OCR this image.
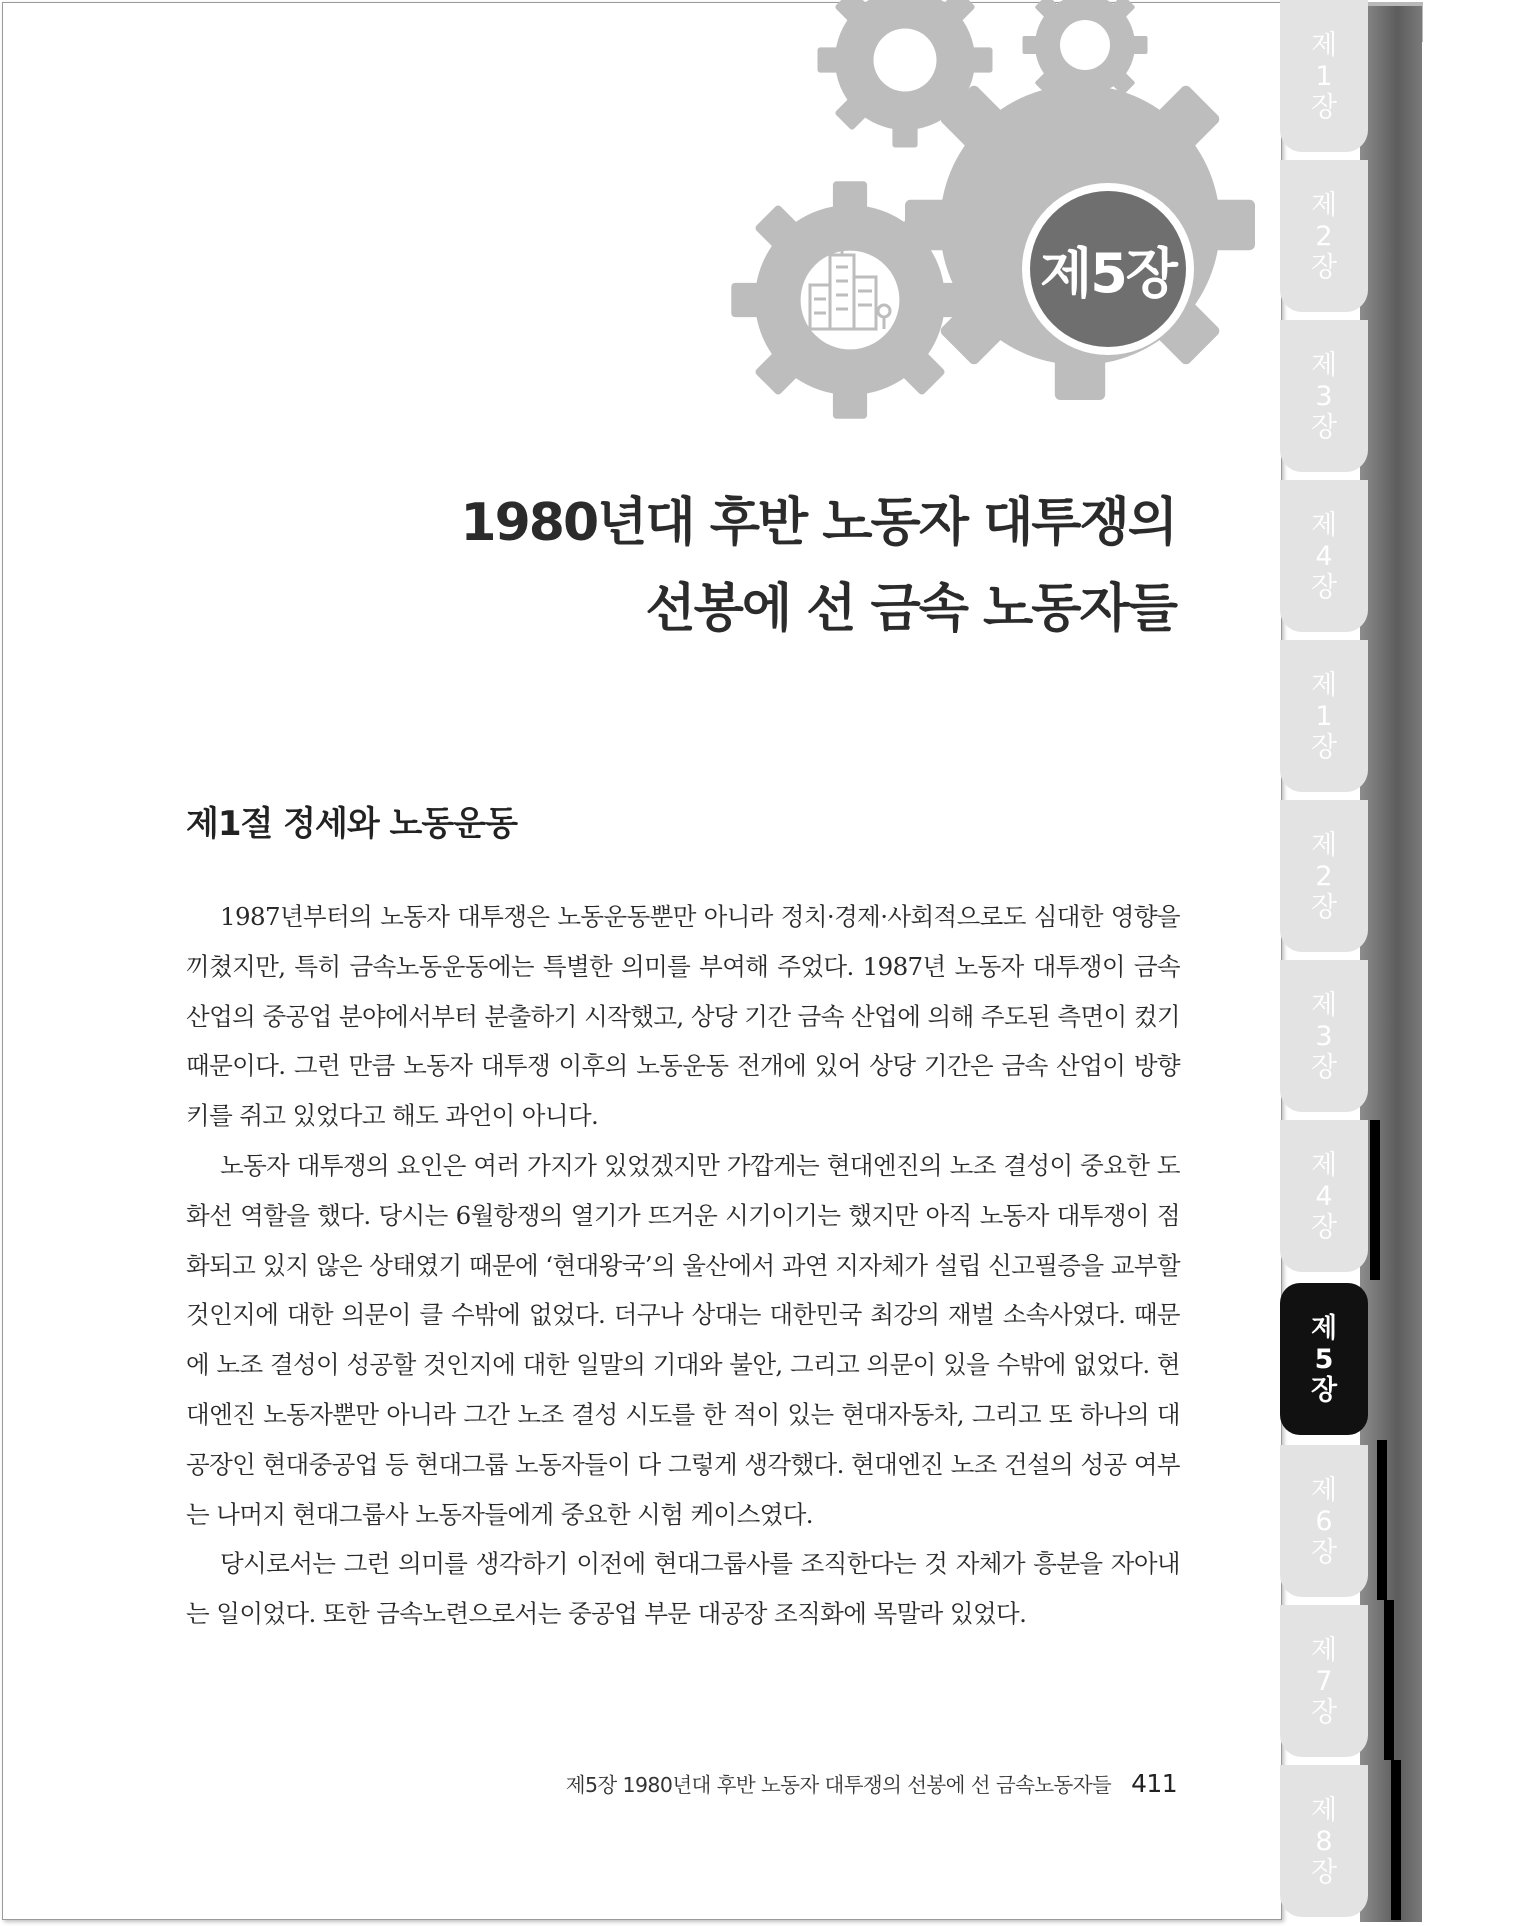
제5장
1980년대 후반 노동자 대투쟁의
선봉에 선 금속 노동자들
제1절 정세와 노동운동

1987년부터의 노동자 대투쟁은 노동운동뿐만 아니라 정치·경제·사회적으로도 심대한 영향을 끼쳤지만, 특히 금속노동운동에는 특별한 의미를 부여해 주었다. 1987년 노동자 대투쟁이 금속 산업의 중공업 분야에서부터 분출하기 시작했고, 상당 기간 금속 산업에 의해 주도된 측면이 컸기 때문이다. 그런 만큼 노동자 대투쟁 이후의 노동운동 전개에 있어 상당 기간은 금속 산업이 방향키를 쥐고 있었다고 해도 과언이 아니다.

노동자 대투쟁의 요인은 여러 가지가 있었겠지만 가깝게는 현대엔진의 노조 결성이 중요한 도화선 역할을 했다. 당시는 6월항쟁의 열기가 뜨거운 시기이기는 했지만 아직 노동자 대투쟁이 점화되고 있지 않은 상태였기 때문에 ‘현대왕국’의 울산에서 과연 지자체가 설립 신고필증을 교부할 것인지에 대한 의문이 클 수밖에 없었다. 더구나 상대는 대한민국 최강의 재벌 소속사였다. 때문에 노조 결성이 성공할 것인지에 대한 일말의 기대와 불안, 그리고 의문이 있을 수밖에 없었다. 현대엔진 노동자뿐만 아니라 그간 노조 결성 시도를 한 적이 있는 현대자동차, 그리고 또 하나의 대공장인 현대중공업 등 현대그룹 노동자들이 다 그렇게 생각했다. 현대엔진 노조 건설의 성공 여부는 나머지 현대그룹사 노동자들에게 중요한 시험 케이스였다.

당시로서는 그런 의미를 생각하기 이전에 현대그룹사를 조직한다는 것 자체가 흥분을 자아내는 일이었다. 또한 금속노련으로서는 중공업 부문 대공장 조직화에 목말라 있었다.

제5장 1980년대 후반 노동자 대투쟁의 선봉에 선 금속노동자들 411
제
1
장
제
2
장
제
3
장
제
4
장
제
1
장
제
2
장
제
3
장
제
4
장
제
5
장
제
6
장
제
7
장
제
8
장
